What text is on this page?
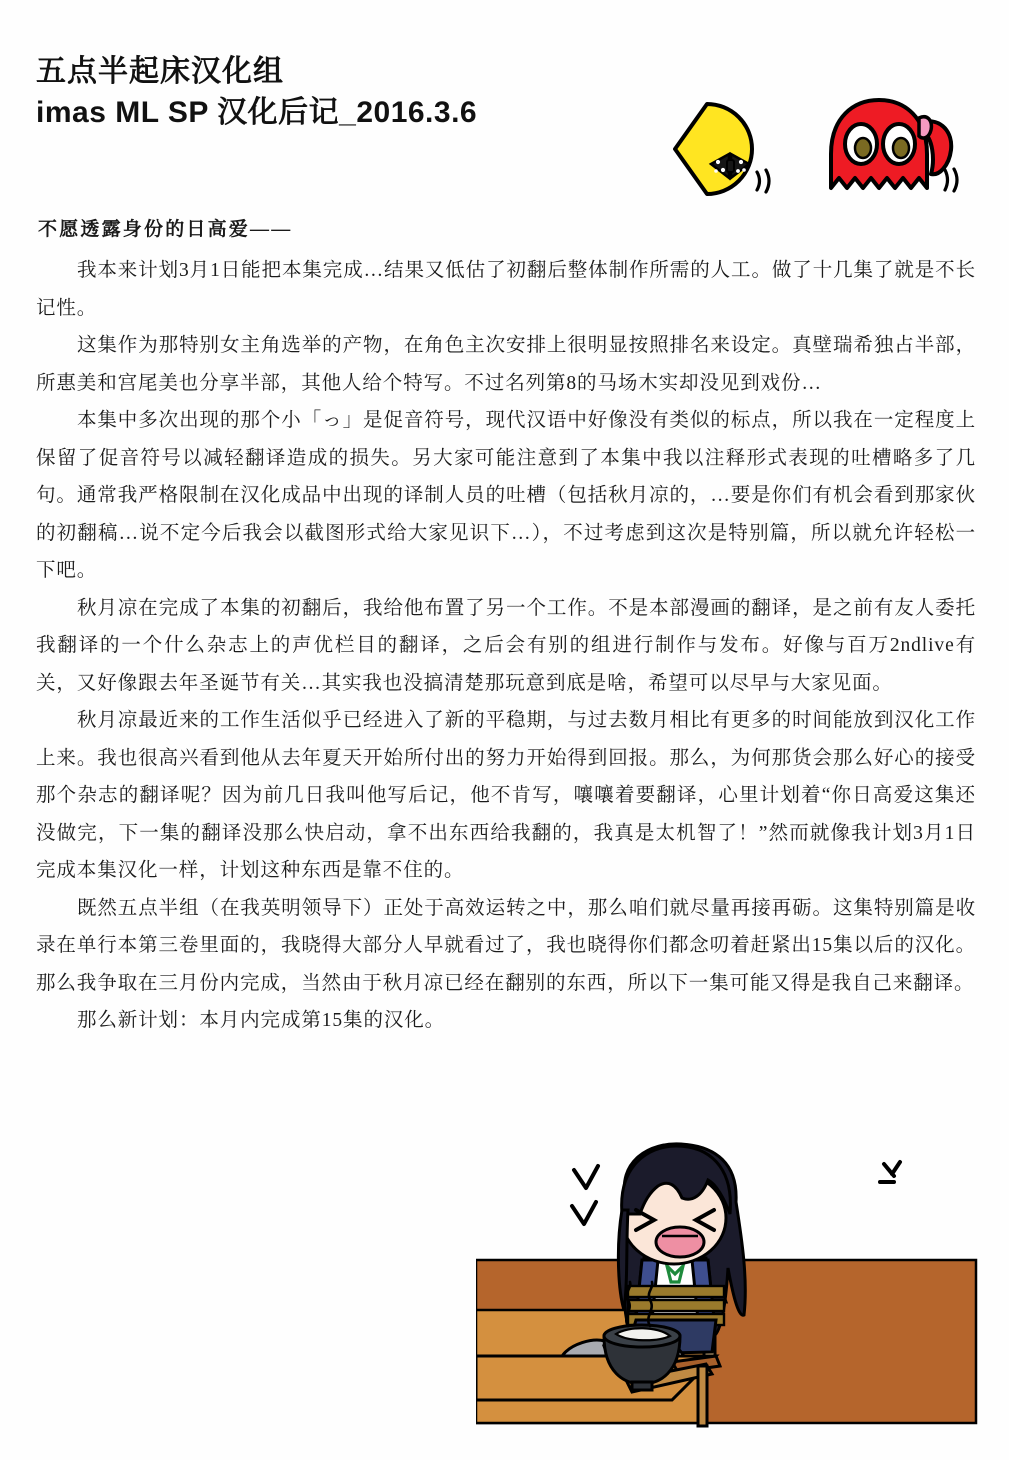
五点半起床汉化组
imas ML SP 汉化后记_2016.3.6
不愿透露身份的日高爱——

我本来计划3月1日能把本集完成…结果又低估了初翻后整体制作所需的人工。做了十几集了就是不长记性。

这集作为那特别女主角选举的产物，在角色主次安排上很明显按照排名来设定。真壁瑞希独占半部，所惠美和宫尾美也分享半部，其他人给个特写。不过名列第8的马场木实却没见到戏份…

本集中多次出现的那个小「っ」是促音符号，现代汉语中好像没有类似的标点，所以我在一定程度上保留了促音符号以减轻翻译造成的损失。另大家可能注意到了本集中我以注释形式表现的吐槽略多了几句。通常我严格限制在汉化成品中出现的译制人员的吐槽（包括秋月凉的，…要是你们有机会看到那家伙的初翻稿…说不定今后我会以截图形式给大家见识下…），不过考虑到这次是特别篇，所以就允许轻松一下吧。

秋月凉在完成了本集的初翻后，我给他布置了另一个工作。不是本部漫画的翻译，是之前有友人委托我翻译的一个什么杂志上的声优栏目的翻译，之后会有别的组进行制作与发布。好像与百万2ndlive有关，又好像跟去年圣诞节有关…其实我也没搞清楚那玩意到底是啥，希望可以尽早与大家见面。

秋月凉最近来的工作生活似乎已经进入了新的平稳期，与过去数月相比有更多的时间能放到汉化工作上来。我也很高兴看到他从去年夏天开始所付出的努力开始得到回报。那么，为何那货会那么好心的接受那个杂志的翻译呢？因为前几日我叫他写后记，他不肯写，嚷嚷着要翻译，心里计划着“你日高爱这集还没做完，下一集的翻译没那么快启动，拿不出东西给我翻的，我真是太机智了！”然而就像我计划3月1日完成本集汉化一样，计划这种东西是靠不住的。

既然五点半组（在我英明领导下）正处于高效运转之中，那么咱们就尽量再接再砺。这集特别篇是收录在单行本第三卷里面的，我晓得大部分人早就看过了，我也晓得你们都念叨着赶紧出15集以后的汉化。那么我争取在三月份内完成，当然由于秋月凉已经在翻别的东西，所以下一集可能又得是我自己来翻译。

那么新计划：本月内完成第15集的汉化。
